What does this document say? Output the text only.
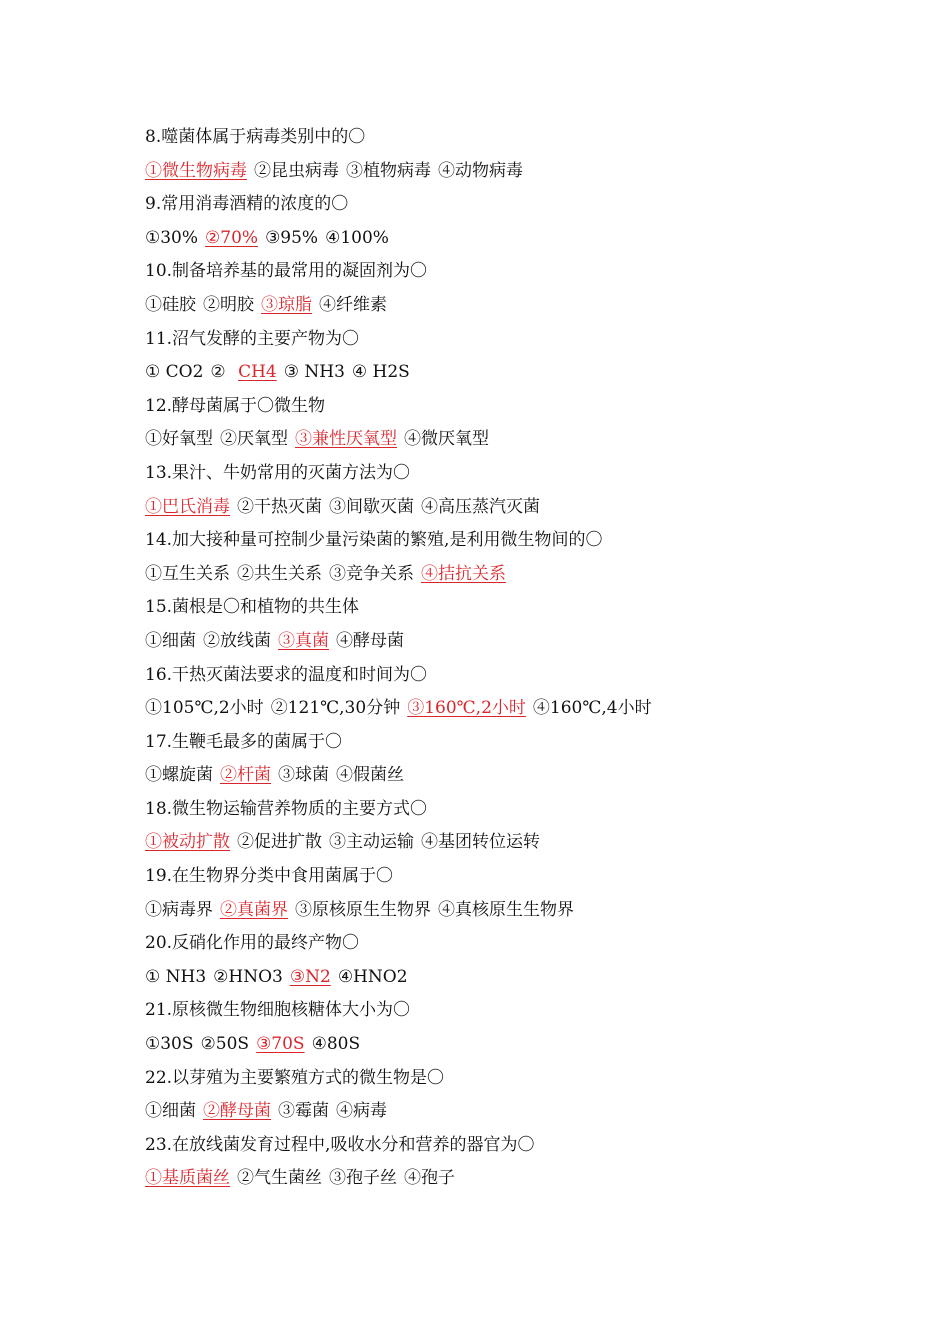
8.噬菌体属于病毒类别中的〇
①微生物病毒 ②昆虫病毒 ③植物病毒 ④动物病毒
9.常用消毒酒精的浓度的〇
①30% ②70% ③95% ④100%
10.制备培养基的最常用的凝固剂为〇
①硅胶 ②明胶 ③琼脂 ④纤维素
11.沼气发酵的主要产物为〇
① CO2 ② CH4 ③ NH3 ④ H2S
12.酵母菌属于〇微生物
①好氧型 ②厌氧型 ③兼性厌氧型 ④微厌氧型
13.果汁、牛奶常用的灭菌方法为〇
①巴氏消毒 ②干热灭菌 ③间歇灭菌 ④高压蒸汽灭菌
14.加大接种量可控制少量污染菌的繁殖,是利用微生物间的〇
①互生关系 ②共生关系 ③竞争关系 ④拮抗关系
15.菌根是〇和植物的共生体
①细菌 ②放线菌 ③真菌 ④酵母菌
16.干热灭菌法要求的温度和时间为〇
①105℃,2小时 ②121℃,30分钟 ③160℃,2小时 ④160℃,4小时
17.生鞭毛最多的菌属于〇
①螺旋菌 ②杆菌 ③球菌 ④假菌丝
18.微生物运输营养物质的主要方式〇
①被动扩散 ②促进扩散 ③主动运输 ④基团转位运转
19.在生物界分类中食用菌属于〇
①病毒界 ②真菌界 ③原核原生生物界 ④真核原生生物界
20.反硝化作用的最终产物〇
① NH3 ②HNO3 ③N2 ④HNO2
21.原核微生物细胞核糖体大小为〇
①30S ②50S ③70S ④80S
22.以芽殖为主要繁殖方式的微生物是〇
①细菌 ②酵母菌 ③霉菌 ④病毒
23.在放线菌发育过程中,吸收水分和营养的器官为〇
①基质菌丝 ②气生菌丝 ③孢子丝 ④孢子
